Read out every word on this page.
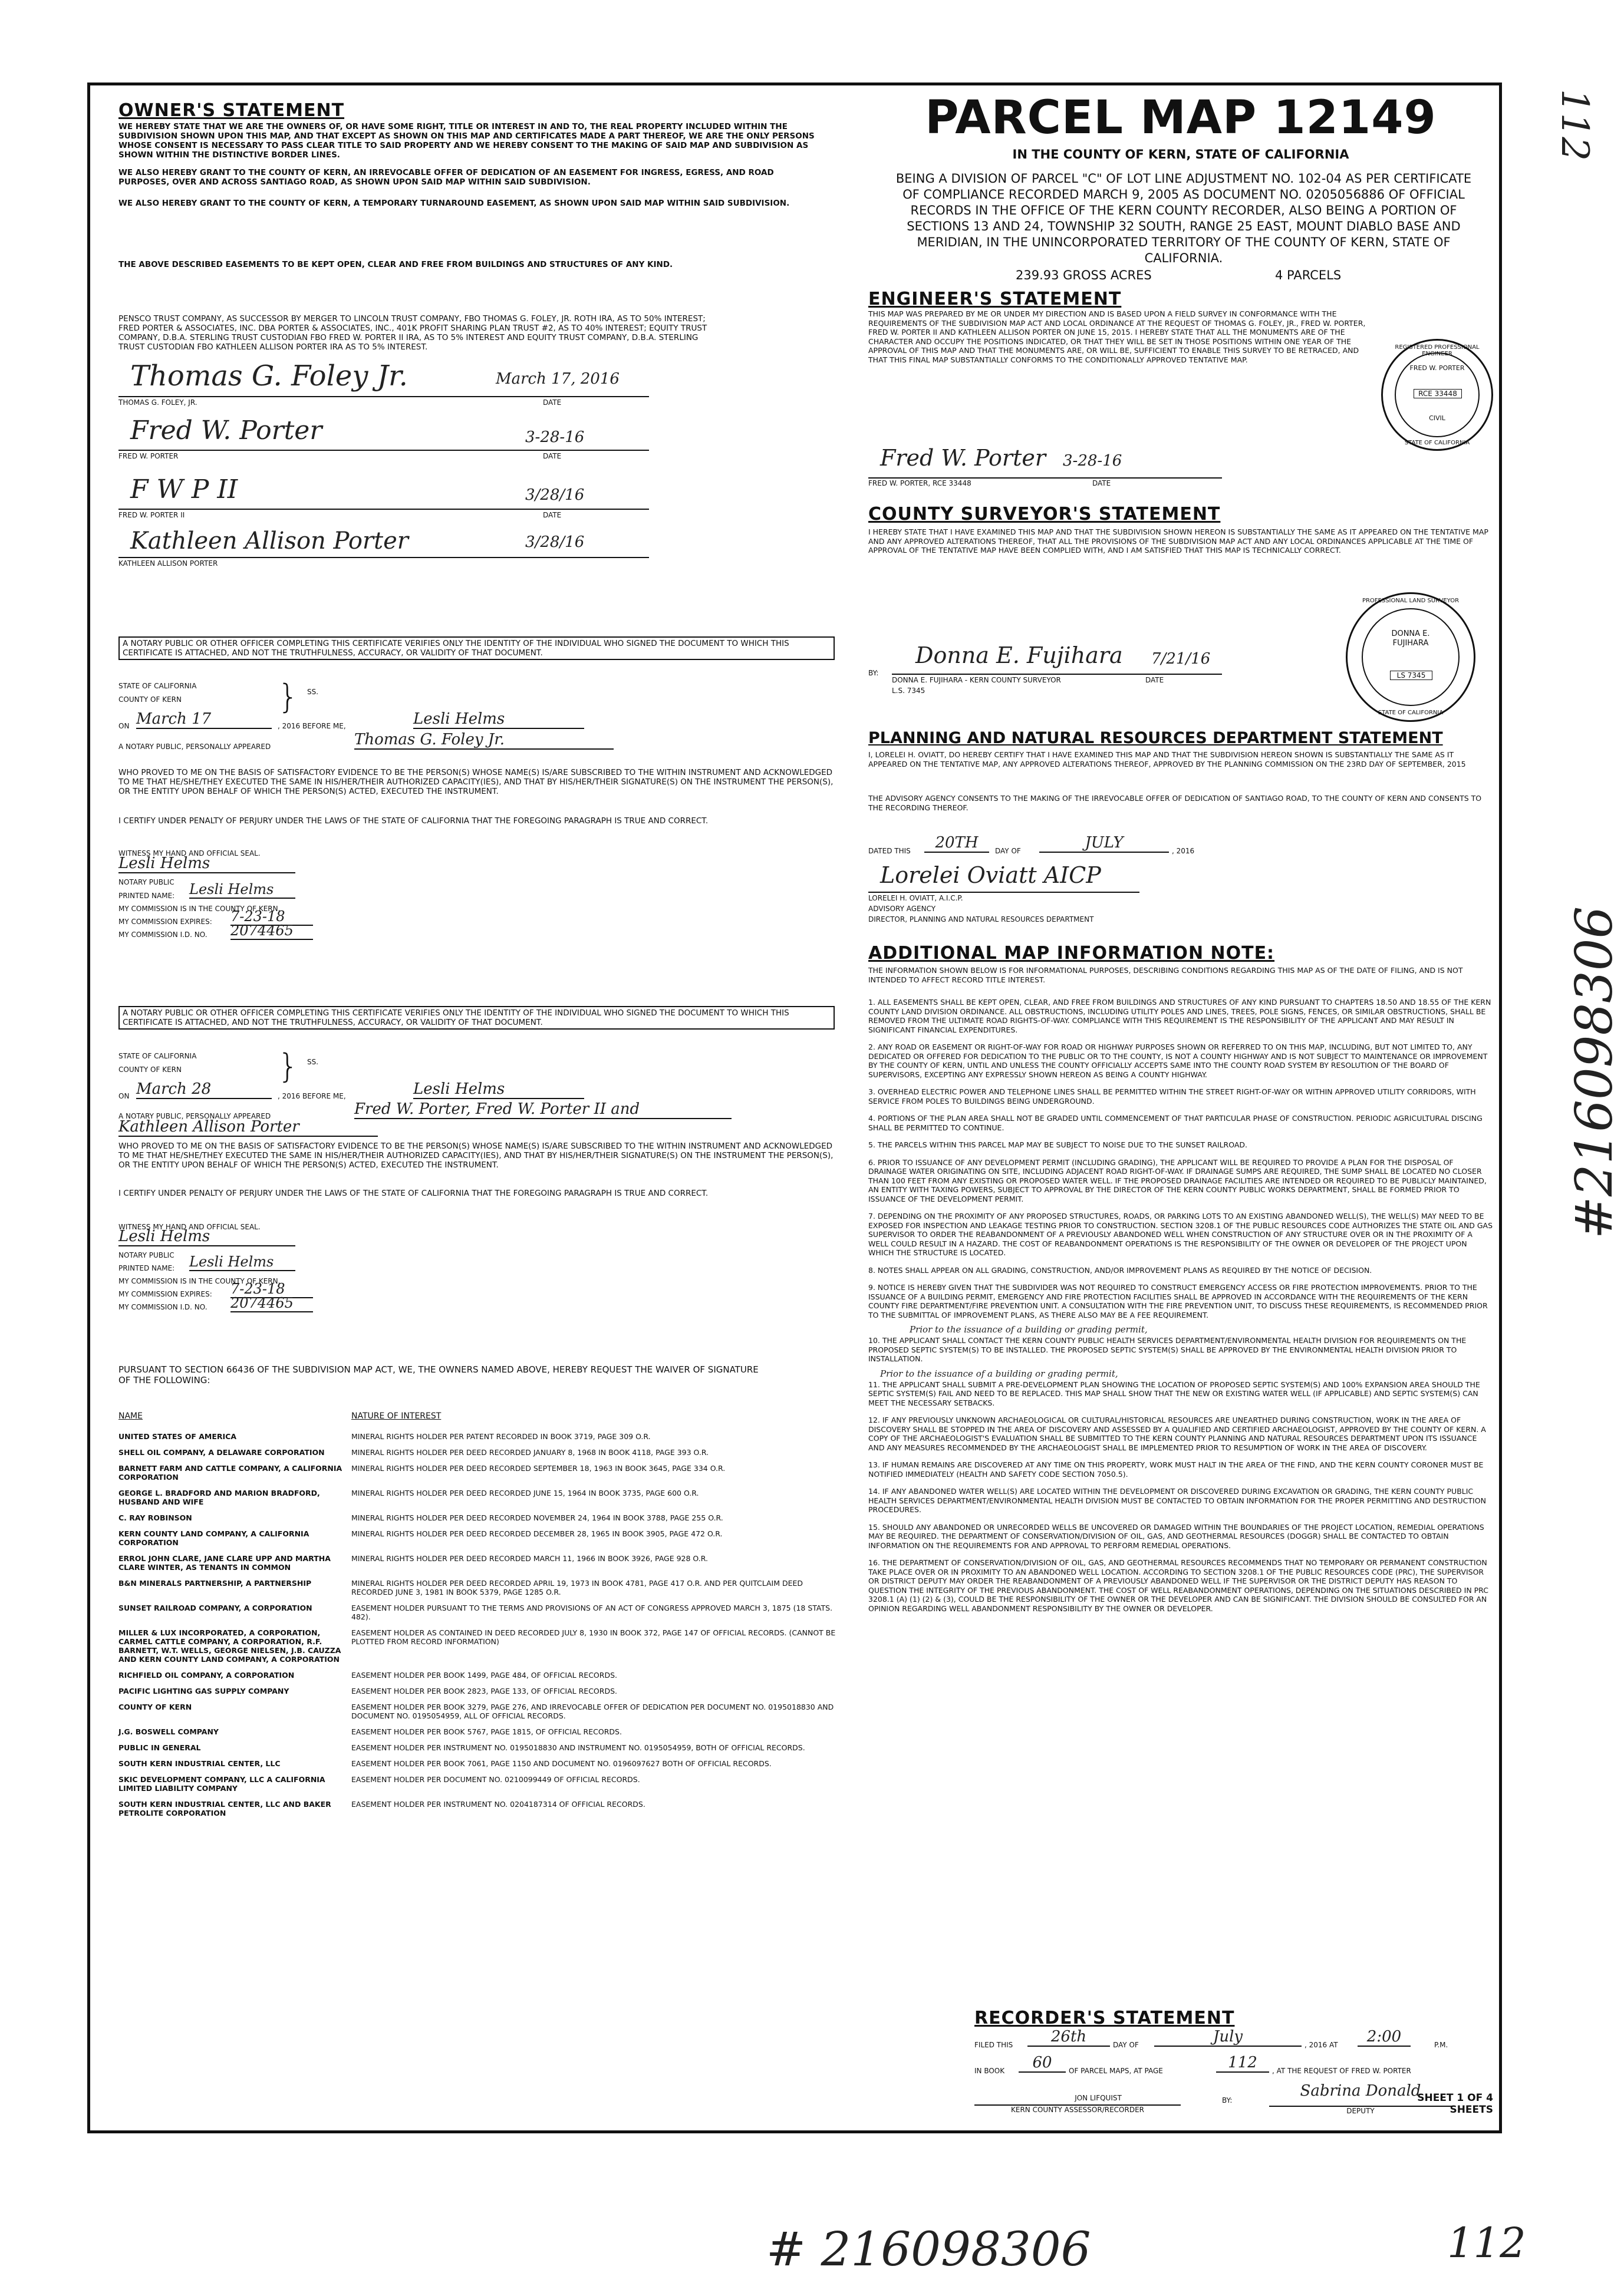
112
#216098306
# 216098306	112
OWNER'S STATEMENT

WE HEREBY STATE THAT WE ARE THE OWNERS OF, OR HAVE SOME RIGHT, TITLE OR INTEREST IN AND TO, THE REAL PROPERTY INCLUDED WITHIN THE SUBDIVISION SHOWN UPON THIS MAP, AND THAT EXCEPT AS SHOWN ON THIS MAP AND CERTIFICATES MADE A PART THEREOF, WE ARE THE ONLY PERSONS WHOSE CONSENT IS NECESSARY TO PASS CLEAR TITLE TO SAID PROPERTY AND WE HEREBY CONSENT TO THE MAKING OF SAID MAP AND SUBDIVISION AS SHOWN WITHIN THE DISTINCTIVE BORDER LINES.

WE ALSO HEREBY GRANT TO THE COUNTY OF KERN, AN IRREVOCABLE OFFER OF DEDICATION OF AN EASEMENT FOR INGRESS, EGRESS, AND ROAD PURPOSES, OVER AND ACROSS SANTIAGO ROAD, AS SHOWN UPON SAID MAP WITHIN SAID SUBDIVISION.

WE ALSO HEREBY GRANT TO THE COUNTY OF KERN, A TEMPORARY TURNAROUND EASEMENT, AS SHOWN UPON SAID MAP WITHIN SAID SUBDIVISION.

THE ABOVE DESCRIBED EASEMENTS TO BE KEPT OPEN, CLEAR AND FREE FROM BUILDINGS AND STRUCTURES OF ANY KIND.

PENSCO TRUST COMPANY, AS SUCCESSOR BY MERGER TO LINCOLN TRUST COMPANY, FBO THOMAS G. FOLEY, JR. ROTH IRA, AS TO 50% INTEREST; FRED PORTER & ASSOCIATES, INC. DBA PORTER & ASSOCIATES, INC., 401K PROFIT SHARING PLAN TRUST #2, AS TO 40% INTEREST; EQUITY TRUST COMPANY, D.B.A. STERLING TRUST CUSTODIAN FBO FRED W. PORTER II IRA, AS TO 5% INTEREST AND EQUITY TRUST COMPANY, D.B.A. STERLING TRUST CUSTODIAN FBO KATHLEEN ALLISON PORTER IRA AS TO 5% INTEREST.

Thomas G. Foley Jr.	March 17, 2016
THOMAS G. FOLEY, JR.	DATE
Fred W. Porter	3-28-16
FRED W. PORTER	DATE
F W P II	3/28/16
FRED W. PORTER II	DATE
Kathleen Allison Porter	3/28/16
KATHLEEN ALLISON PORTER
A NOTARY PUBLIC OR OTHER OFFICER COMPLETING THIS CERTIFICATE VERIFIES ONLY THE IDENTITY OF THE INDIVIDUAL WHO SIGNED THE DOCUMENT TO WHICH THIS CERTIFICATE IS ATTACHED, AND NOT THE TRUTHFULNESS, ACCURACY, OR VALIDITY OF THAT DOCUMENT.
STATE OF CALIFORNIA
COUNTY OF KERN	} SS.
ON March 17	, 2016 BEFORE ME,	Lesli Helms
A NOTARY PUBLIC, PERSONALLY APPEARED	Thomas G. Foley Jr.

WHO PROVED TO ME ON THE BASIS OF SATISFACTORY EVIDENCE TO BE THE PERSON(S) WHOSE NAME(S) IS/ARE SUBSCRIBED TO THE WITHIN INSTRUMENT AND ACKNOWLEDGED TO ME THAT HE/SHE/THEY EXECUTED THE SAME IN HIS/HER/THEIR AUTHORIZED CAPACITY(IES), AND THAT BY HIS/HER/THEIR SIGNATURE(S) ON THE INSTRUMENT THE PERSON(S), OR THE ENTITY UPON BEHALF OF WHICH THE PERSON(S) ACTED, EXECUTED THE INSTRUMENT.

I CERTIFY UNDER PENALTY OF PERJURY UNDER THE LAWS OF THE STATE OF CALIFORNIA THAT THE FOREGOING PARAGRAPH IS TRUE AND CORRECT.

WITNESS MY HAND AND OFFICIAL SEAL.
Lesli Helms
NOTARY PUBLIC
PRINTED NAME: Lesli Helms
MY COMMISSION IS IN THE COUNTY OF KERN.
MY COMMISSION EXPIRES: 7-23-18
MY COMMISSION I.D. NO. 2074465
A NOTARY PUBLIC OR OTHER OFFICER COMPLETING THIS CERTIFICATE VERIFIES ONLY THE IDENTITY OF THE INDIVIDUAL WHO SIGNED THE DOCUMENT TO WHICH THIS CERTIFICATE IS ATTACHED, AND NOT THE TRUTHFULNESS, ACCURACY, OR VALIDITY OF THAT DOCUMENT.
STATE OF CALIFORNIA
COUNTY OF KERN	} SS.
ON March 28	, 2016 BEFORE ME,	Lesli Helms
A NOTARY PUBLIC, PERSONALLY APPEARED	Fred W. Porter, Fred W. Porter II and
Kathleen Allison Porter

WHO PROVED TO ME ON THE BASIS OF SATISFACTORY EVIDENCE TO BE THE PERSON(S) WHOSE NAME(S) IS/ARE SUBSCRIBED TO THE WITHIN INSTRUMENT AND ACKNOWLEDGED TO ME THAT HE/SHE/THEY EXECUTED THE SAME IN HIS/HER/THEIR AUTHORIZED CAPACITY(IES), AND THAT BY HIS/HER/THEIR SIGNATURE(S) ON THE INSTRUMENT THE PERSON(S), OR THE ENTITY UPON BEHALF OF WHICH THE PERSON(S) ACTED, EXECUTED THE INSTRUMENT.

I CERTIFY UNDER PENALTY OF PERJURY UNDER THE LAWS OF THE STATE OF CALIFORNIA THAT THE FOREGOING PARAGRAPH IS TRUE AND CORRECT.

WITNESS MY HAND AND OFFICIAL SEAL.
Lesli Helms
NOTARY PUBLIC
PRINTED NAME: Lesli Helms
MY COMMISSION IS IN THE COUNTY OF KERN.
MY COMMISSION EXPIRES: 7-23-18
MY COMMISSION I.D. NO. 2074465

PURSUANT TO SECTION 66436 OF THE SUBDIVISION MAP ACT, WE, THE OWNERS NAMED ABOVE, HEREBY REQUEST THE WAIVER OF SIGNATURE OF THE FOLLOWING:

NAME	NATURE OF INTEREST
UNITED STATES OF AMERICA	MINERAL RIGHTS HOLDER PER PATENT RECORDED IN BOOK 3719, PAGE 309 O.R.
SHELL OIL COMPANY, A DELAWARE CORPORATION	MINERAL RIGHTS HOLDER PER DEED RECORDED JANUARY 8, 1968 IN BOOK 4118, PAGE 393 O.R.
BARNETT FARM AND CATTLE COMPANY, A CALIFORNIA CORPORATION	MINERAL RIGHTS HOLDER PER DEED RECORDED SEPTEMBER 18, 1963 IN BOOK 3645, PAGE 334 O.R.
GEORGE L. BRADFORD AND MARION BRADFORD, HUSBAND AND WIFE	MINERAL RIGHTS HOLDER PER DEED RECORDED JUNE 15, 1964 IN BOOK 3735, PAGE 600 O.R.
C. RAY ROBINSON	MINERAL RIGHTS HOLDER PER DEED RECORDED NOVEMBER 24, 1964 IN BOOK 3788, PAGE 255 O.R.
KERN COUNTY LAND COMPANY, A CALIFORNIA CORPORATION	MINERAL RIGHTS HOLDER PER DEED RECORDED DECEMBER 28, 1965 IN BOOK 3905, PAGE 472 O.R.
ERROL JOHN CLARE, JANE CLARE UPP AND MARTHA CLARE WINTER, AS TENANTS IN COMMON	MINERAL RIGHTS HOLDER PER DEED RECORDED MARCH 11, 1966 IN BOOK 3926, PAGE 928 O.R.
B&N MINERALS PARTNERSHIP, A PARTNERSHIP	MINERAL RIGHTS HOLDER PER DEED RECORDED APRIL 19, 1973 IN BOOK 4781, PAGE 417 O.R. AND PER QUITCLAIM DEED RECORDED JUNE 3, 1981 IN BOOK 5379, PAGE 1285 O.R.
SUNSET RAILROAD COMPANY, A CORPORATION	EASEMENT HOLDER PURSUANT TO THE TERMS AND PROVISIONS OF AN ACT OF CONGRESS APPROVED MARCH 3, 1875 (18 STATS. 482).
MILLER & LUX INCORPORATED, A CORPORATION, CARMEL CATTLE COMPANY, A CORPORATION, R.F. BARNETT, W.T. WELLS, GEORGE NIELSEN, J.B. CAUZZA AND KERN COUNTY LAND COMPANY, A CORPORATION	EASEMENT HOLDER AS CONTAINED IN DEED RECORDED JULY 8, 1930 IN BOOK 372, PAGE 147 OF OFFICIAL RECORDS. (CANNOT BE PLOTTED FROM RECORD INFORMATION)
RICHFIELD OIL COMPANY, A CORPORATION	EASEMENT HOLDER PER BOOK 1499, PAGE 484, OF OFFICIAL RECORDS.
PACIFIC LIGHTING GAS SUPPLY COMPANY	EASEMENT HOLDER PER BOOK 2823, PAGE 133, OF OFFICIAL RECORDS.
COUNTY OF KERN	EASEMENT HOLDER PER BOOK 3279, PAGE 276, AND IRREVOCABLE OFFER OF DEDICATION PER DOCUMENT NO. 0195018830 AND DOCUMENT NO. 0195054959, ALL OF OFFICIAL RECORDS.
J.G. BOSWELL COMPANY	EASEMENT HOLDER PER BOOK 5767, PAGE 1815, OF OFFICIAL RECORDS.
PUBLIC IN GENERAL	EASEMENT HOLDER PER INSTRUMENT NO. 0195018830 AND INSTRUMENT NO. 0195054959, BOTH OF OFFICIAL RECORDS.
SOUTH KERN INDUSTRIAL CENTER, LLC	EASEMENT HOLDER PER BOOK 7061, PAGE 1150 AND DOCUMENT NO. 0196097627 BOTH OF OFFICIAL RECORDS.
SKIC DEVELOPMENT COMPANY, LLC A CALIFORNIA LIMITED LIABILITY COMPANY	EASEMENT HOLDER PER DOCUMENT NO. 0210099449 OF OFFICIAL RECORDS.
SOUTH KERN INDUSTRIAL CENTER, LLC AND BAKER PETROLITE CORPORATION	EASEMENT HOLDER PER INSTRUMENT NO. 0204187314 OF OFFICIAL RECORDS.
PARCEL MAP 12149
IN THE COUNTY OF KERN, STATE OF CALIFORNIA

BEING A DIVISION OF PARCEL "C" OF LOT LINE ADJUSTMENT NO. 102-04 AS PER CERTIFICATE OF COMPLIANCE RECORDED MARCH 9, 2005 AS DOCUMENT NO. 0205056886 OF OFFICIAL RECORDS IN THE OFFICE OF THE KERN COUNTY RECORDER, ALSO BEING A PORTION OF SECTIONS 13 AND 24, TOWNSHIP 32 SOUTH, RANGE 25 EAST, MOUNT DIABLO BASE AND MERIDIAN, IN THE UNINCORPORATED TERRITORY OF THE COUNTY OF KERN, STATE OF CALIFORNIA.

239.93 GROSS ACRES	4 PARCELS
ENGINEER'S STATEMENT

THIS MAP WAS PREPARED BY ME OR UNDER MY DIRECTION AND IS BASED UPON A FIELD SURVEY IN CONFORMANCE WITH THE REQUIREMENTS OF THE SUBDIVISION MAP ACT AND LOCAL ORDINANCE AT THE REQUEST OF THOMAS G. FOLEY, JR., FRED W. PORTER, FRED W. PORTER II AND KATHLEEN ALLISON PORTER ON JUNE 15, 2015. I HEREBY STATE THAT ALL THE MONUMENTS ARE OF THE CHARACTER AND OCCUPY THE POSITIONS INDICATED, OR THAT THEY WILL BE SET IN THOSE POSITIONS WITHIN ONE YEAR OF THE APPROVAL OF THIS MAP AND THAT THE MONUMENTS ARE, OR WILL BE, SUFFICIENT TO ENABLE THIS SURVEY TO BE RETRACED, AND THAT THIS FINAL MAP SUBSTANTIALLY CONFORMS TO THE CONDITIONALLY APPROVED TENTATIVE MAP.

Fred W. Porter 3-28-16
FRED W. PORTER, RCE 33448	DATE
REGISTERED PROFESSIONAL ENGINEER
FRED W. PORTER
RCE 33448
CIVIL
STATE OF CALIFORNIA
COUNTY SURVEYOR'S STATEMENT

I HEREBY STATE THAT I HAVE EXAMINED THIS MAP AND THAT THE SUBDIVISION SHOWN HEREON IS SUBSTANTIALLY THE SAME AS IT APPEARED ON THE TENTATIVE MAP AND ANY APPROVED ALTERATIONS THEREOF, THAT ALL THE PROVISIONS OF THE SUBDIVISION MAP ACT AND ANY LOCAL ORDINANCES APPLICABLE AT THE TIME OF APPROVAL OF THE TENTATIVE MAP HAVE BEEN COMPLIED WITH, AND I AM SATISFIED THAT THIS MAP IS TECHNICALLY CORRECT.

BY:
Donna E. Fujihara 7/21/16
DONNA E. FUJIHARA - KERN COUNTY SURVEYOR	DATE
L.S. 7345
PROFESSIONAL LAND SURVEYOR
DONNA E. FUJIHARA
LS 7345
STATE OF CALIFORNIA
PLANNING AND NATURAL RESOURCES DEPARTMENT STATEMENT

I, LORELEI H. OVIATT, DO HEREBY CERTIFY THAT I HAVE EXAMINED THIS MAP AND THAT THE SUBDIVISION HEREON SHOWN IS SUBSTANTIALLY THE SAME AS IT APPEARED ON THE TENTATIVE MAP, ANY APPROVED ALTERATIONS THEREOF, APPROVED BY THE PLANNING COMMISSION ON THE 23RD DAY OF SEPTEMBER, 2015

THE ADVISORY AGENCY CONSENTS TO THE MAKING OF THE IRREVOCABLE OFFER OF DEDICATION OF SANTIAGO ROAD, TO THE COUNTY OF KERN AND CONSENTS TO THE RECORDING THEREOF.

DATED THIS	20TH	DAY OF	JULY	, 2016
Lorelei Oviatt AICP
LORELEI H. OVIATT, A.I.C.P.
ADVISORY AGENCY
DIRECTOR, PLANNING AND NATURAL RESOURCES DEPARTMENT
ADDITIONAL MAP INFORMATION NOTE:

THE INFORMATION SHOWN BELOW IS FOR INFORMATIONAL PURPOSES, DESCRIBING CONDITIONS REGARDING THIS MAP AS OF THE DATE OF FILING, AND IS NOT INTENDED TO AFFECT RECORD TITLE INTEREST.

1. ALL EASEMENTS SHALL BE KEPT OPEN, CLEAR, AND FREE FROM BUILDINGS AND STRUCTURES OF ANY KIND PURSUANT TO CHAPTERS 18.50 AND 18.55 OF THE KERN COUNTY LAND DIVISION ORDINANCE. ALL OBSTRUCTIONS, INCLUDING UTILITY POLES AND LINES, TREES, POLE SIGNS, FENCES, OR SIMILAR OBSTRUCTIONS, SHALL BE REMOVED FROM THE ULTIMATE ROAD RIGHTS-OF-WAY. COMPLIANCE WITH THIS REQUIREMENT IS THE RESPONSIBILITY OF THE APPLICANT AND MAY RESULT IN SIGNIFICANT FINANCIAL EXPENDITURES.

2. ANY ROAD OR EASEMENT OR RIGHT-OF-WAY FOR ROAD OR HIGHWAY PURPOSES SHOWN OR REFERRED TO ON THIS MAP, INCLUDING, BUT NOT LIMITED TO, ANY DEDICATED OR OFFERED FOR DEDICATION TO THE PUBLIC OR TO THE COUNTY, IS NOT A COUNTY HIGHWAY AND IS NOT SUBJECT TO MAINTENANCE OR IMPROVEMENT BY THE COUNTY OF KERN, UNTIL AND UNLESS THE COUNTY OFFICIALLY ACCEPTS SAME INTO THE COUNTY ROAD SYSTEM BY RESOLUTION OF THE BOARD OF SUPERVISORS, EXCEPTING ANY EXPRESSLY SHOWN HEREON AS BEING A COUNTY HIGHWAY.

3. OVERHEAD ELECTRIC POWER AND TELEPHONE LINES SHALL BE PERMITTED WITHIN THE STREET RIGHT-OF-WAY OR WITHIN APPROVED UTILITY CORRIDORS, WITH SERVICE FROM POLES TO BUILDINGS BEING UNDERGROUND.

4. PORTIONS OF THE PLAN AREA SHALL NOT BE GRADED UNTIL COMMENCEMENT OF THAT PARTICULAR PHASE OF CONSTRUCTION. PERIODIC AGRICULTURAL DISCING SHALL BE PERMITTED TO CONTINUE.

5. THE PARCELS WITHIN THIS PARCEL MAP MAY BE SUBJECT TO NOISE DUE TO THE SUNSET RAILROAD.

6. PRIOR TO ISSUANCE OF ANY DEVELOPMENT PERMIT (INCLUDING GRADING), THE APPLICANT WILL BE REQUIRED TO PROVIDE A PLAN FOR THE DISPOSAL OF DRAINAGE WATER ORIGINATING ON SITE, INCLUDING ADJACENT ROAD RIGHT-OF-WAY. IF DRAINAGE SUMPS ARE REQUIRED, THE SUMP SHALL BE LOCATED NO CLOSER THAN 100 FEET FROM ANY EXISTING OR PROPOSED WATER WELL. IF THE PROPOSED DRAINAGE FACILITIES ARE INTENDED OR REQUIRED TO BE PUBLICLY MAINTAINED, AN ENTITY WITH TAXING POWERS, SUBJECT TO APPROVAL BY THE DIRECTOR OF THE KERN COUNTY PUBLIC WORKS DEPARTMENT, SHALL BE FORMED PRIOR TO ISSUANCE OF THE DEVELOPMENT PERMIT.

7. DEPENDING ON THE PROXIMITY OF ANY PROPOSED STRUCTURES, ROADS, OR PARKING LOTS TO AN EXISTING ABANDONED WELL(S), THE WELL(S) MAY NEED TO BE EXPOSED FOR INSPECTION AND LEAKAGE TESTING PRIOR TO CONSTRUCTION. SECTION 3208.1 OF THE PUBLIC RESOURCES CODE AUTHORIZES THE STATE OIL AND GAS SUPERVISOR TO ORDER THE REABANDONMENT OF A PREVIOUSLY ABANDONED WELL WHEN CONSTRUCTION OF ANY STRUCTURE OVER OR IN THE PROXIMITY OF A WELL COULD RESULT IN A HAZARD. THE COST OF REABANDONMENT OPERATIONS IS THE RESPONSIBILITY OF THE OWNER OR DEVELOPER OF THE PROJECT UPON WHICH THE STRUCTURE IS LOCATED.

8. NOTES SHALL APPEAR ON ALL GRADING, CONSTRUCTION, AND/OR IMPROVEMENT PLANS AS REQUIRED BY THE NOTICE OF DECISION.

9. NOTICE IS HEREBY GIVEN THAT THE SUBDIVIDER WAS NOT REQUIRED TO CONSTRUCT EMERGENCY ACCESS OR FIRE PROTECTION IMPROVEMENTS. PRIOR TO THE ISSUANCE OF A BUILDING PERMIT, EMERGENCY AND FIRE PROTECTION FACILITIES SHALL BE APPROVED IN ACCORDANCE WITH THE REQUIREMENTS OF THE KERN COUNTY FIRE DEPARTMENT/FIRE PREVENTION UNIT. A CONSULTATION WITH THE FIRE PREVENTION UNIT, TO DISCUSS THESE REQUIREMENTS, IS RECOMMENDED PRIOR TO THE SUBMITTAL OF IMPROVEMENT PLANS, AS THERE ALSO MAY BE A FEE REQUIREMENT.

Prior to the issuance of a building or grading permit,

10. THE APPLICANT SHALL CONTACT THE KERN COUNTY PUBLIC HEALTH SERVICES DEPARTMENT/ENVIRONMENTAL HEALTH DIVISION FOR REQUIREMENTS ON THE PROPOSED SEPTIC SYSTEM(S) TO BE INSTALLED. THE PROPOSED SEPTIC SYSTEM(S) SHALL BE APPROVED BY THE ENVIRONMENTAL HEALTH DIVISION PRIOR TO INSTALLATION.

Prior to the issuance of a building or grading permit,

11. THE APPLICANT SHALL SUBMIT A PRE-DEVELOPMENT PLAN SHOWING THE LOCATION OF PROPOSED SEPTIC SYSTEM(S) AND 100% EXPANSION AREA SHOULD THE SEPTIC SYSTEM(S) FAIL AND NEED TO BE REPLACED. THIS MAP SHALL SHOW THAT THE NEW OR EXISTING WATER WELL (IF APPLICABLE) AND SEPTIC SYSTEM(S) CAN MEET THE NECESSARY SETBACKS.

12. IF ANY PREVIOUSLY UNKNOWN ARCHAEOLOGICAL OR CULTURAL/HISTORICAL RESOURCES ARE UNEARTHED DURING CONSTRUCTION, WORK IN THE AREA OF DISCOVERY SHALL BE STOPPED IN THE AREA OF DISCOVERY AND ASSESSED BY A QUALIFIED AND CERTIFIED ARCHAEOLOGIST, APPROVED BY THE COUNTY OF KERN. A COPY OF THE ARCHAEOLOGIST'S EVALUATION SHALL BE SUBMITTED TO THE KERN COUNTY PLANNING AND NATURAL RESOURCES DEPARTMENT UPON ITS ISSUANCE AND ANY MEASURES RECOMMENDED BY THE ARCHAEOLOGIST SHALL BE IMPLEMENTED PRIOR TO RESUMPTION OF WORK IN THE AREA OF DISCOVERY.

13. IF HUMAN REMAINS ARE DISCOVERED AT ANY TIME ON THIS PROPERTY, WORK MUST HALT IN THE AREA OF THE FIND, AND THE KERN COUNTY CORONER MUST BE NOTIFIED IMMEDIATELY (HEALTH AND SAFETY CODE SECTION 7050.5).

14. IF ANY ABANDONED WATER WELL(S) ARE LOCATED WITHIN THE DEVELOPMENT OR DISCOVERED DURING EXCAVATION OR GRADING, THE KERN COUNTY PUBLIC HEALTH SERVICES DEPARTMENT/ENVIRONMENTAL HEALTH DIVISION MUST BE CONTACTED TO OBTAIN INFORMATION FOR THE PROPER PERMITTING AND DESTRUCTION PROCEDURES.

15. SHOULD ANY ABANDONED OR UNRECORDED WELLS BE UNCOVERED OR DAMAGED WITHIN THE BOUNDARIES OF THE PROJECT LOCATION, REMEDIAL OPERATIONS MAY BE REQUIRED. THE DEPARTMENT OF CONSERVATION/DIVISION OF OIL, GAS, AND GEOTHERMAL RESOURCES (DOGGR) SHALL BE CONTACTED TO OBTAIN INFORMATION ON THE REQUIREMENTS FOR AND APPROVAL TO PERFORM REMEDIAL OPERATIONS.

16. THE DEPARTMENT OF CONSERVATION/DIVISION OF OIL, GAS, AND GEOTHERMAL RESOURCES RECOMMENDS THAT NO TEMPORARY OR PERMANENT CONSTRUCTION TAKE PLACE OVER OR IN PROXIMITY TO AN ABANDONED WELL LOCATION. ACCORDING TO SECTION 3208.1 OF THE PUBLIC RESOURCES CODE (PRC), THE SUPERVISOR OR DISTRICT DEPUTY MAY ORDER THE REABANDONMENT OF A PREVIOUSLY ABANDONED WELL IF THE SUPERVISOR OR THE DISTRICT DEPUTY HAS REASON TO QUESTION THE INTEGRITY OF THE PREVIOUS ABANDONMENT. THE COST OF WELL REABANDONMENT OPERATIONS, DEPENDING ON THE SITUATIONS DESCRIBED IN PRC 3208.1 (A) (1) (2) & (3), COULD BE THE RESPONSIBILITY OF THE OWNER OR THE DEVELOPER AND CAN BE SIGNIFICANT. THE DIVISION SHOULD BE CONSULTED FOR AN OPINION REGARDING WELL ABANDONMENT RESPONSIBILITY BY THE OWNER OR DEVELOPER.

RECORDER'S STATEMENT
FILED THIS	26th	DAY OF	July	, 2016 AT	2:00	P.M.
IN BOOK	60	OF PARCEL MAPS, AT PAGE	112	, AT THE REQUEST OF FRED W. PORTER
JON LIFQUIST
KERN COUNTY ASSESSOR/RECORDER
BY:
Sabrina Donald
DEPUTY
SHEET 1 OF 4 SHEETS
